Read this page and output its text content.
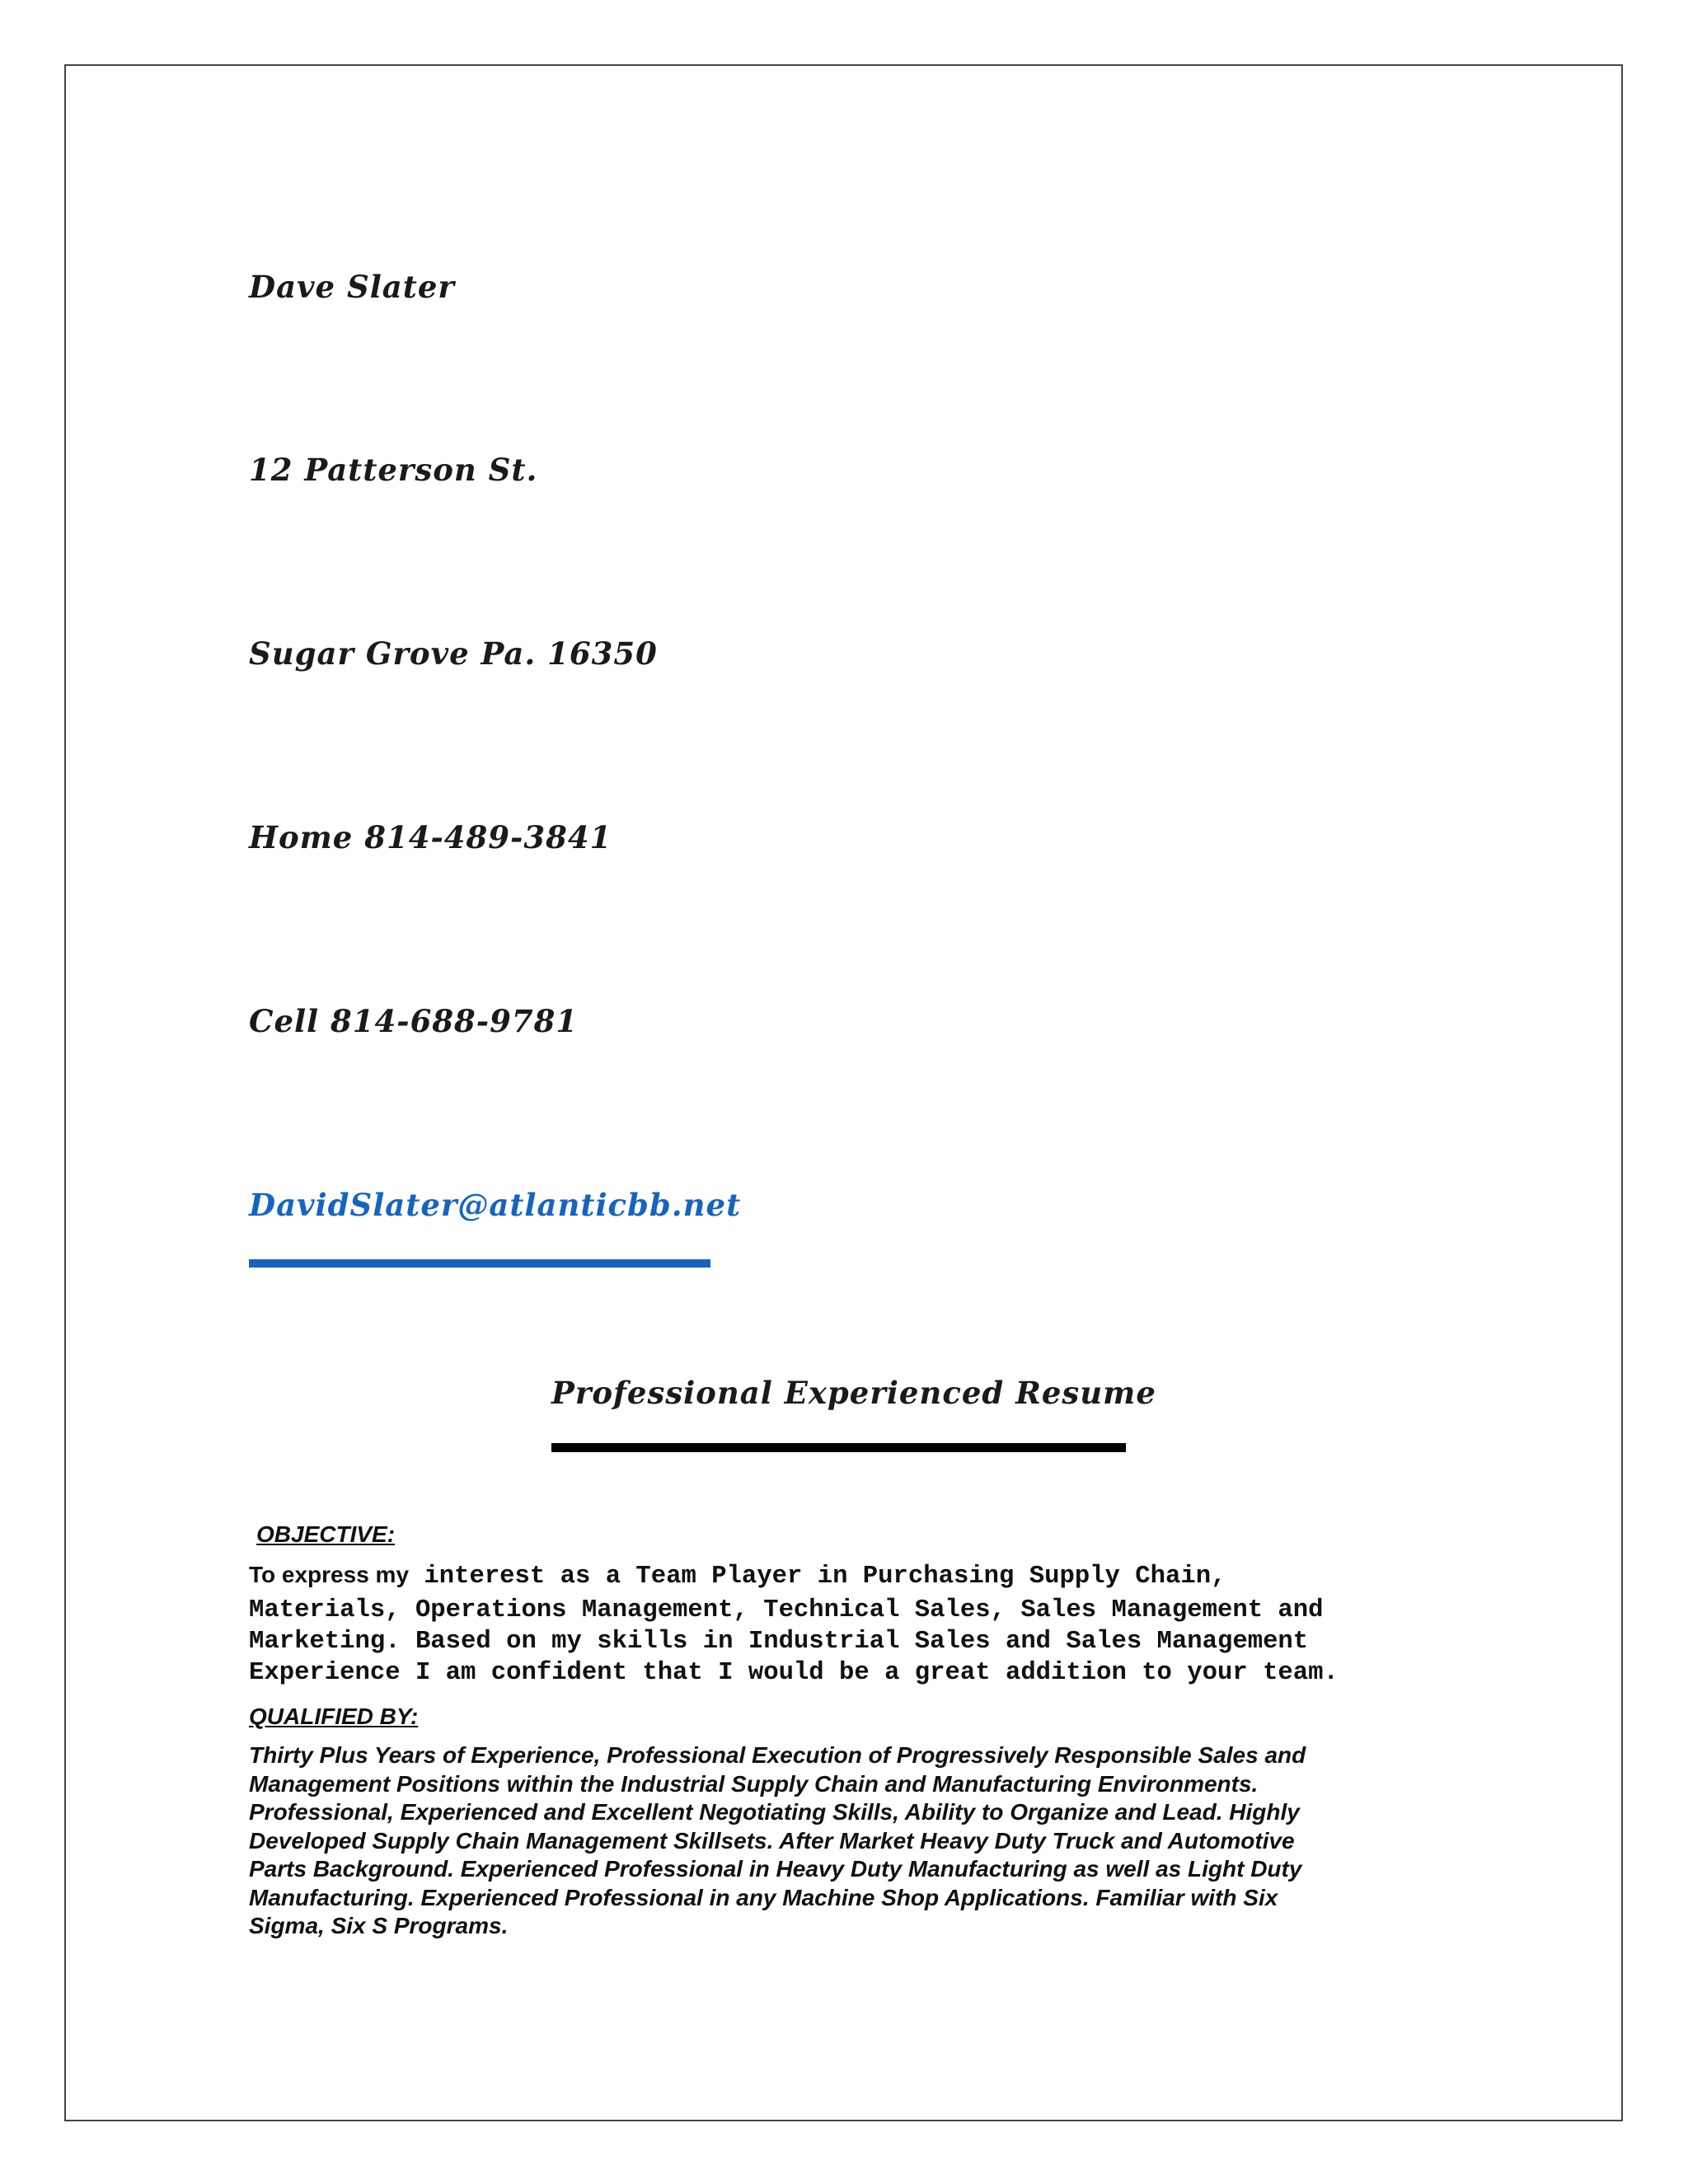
Dave Slater
12 Patterson St.
Sugar Grove Pa. 16350
Home 814-489-3841
Cell 814-688-9781
DavidSlater@atlanticbb.net
Professional Experienced Resume
OBJECTIVE:
To express my interest as a Team Player in Purchasing Supply Chain,
Materials, Operations Management, Technical Sales, Sales Management and
Marketing. Based on my skills in Industrial Sales and Sales Management
Experience I am confident that I would be a great addition to your team.
QUALIFIED BY:
Thirty Plus Years of Experience, Professional Execution of Progressively Responsible Sales and
Management Positions within the Industrial Supply Chain and Manufacturing Environments.
Professional, Experienced and Excellent Negotiating Skills, Ability to Organize and Lead. Highly
Developed Supply Chain Management Skillsets. After Market Heavy Duty Truck and Automotive
Parts Background. Experienced Professional in Heavy Duty Manufacturing as well as Light Duty
Manufacturing. Experienced Professional in any Machine Shop Applications. Familiar with Six
Sigma, Six S Programs.
